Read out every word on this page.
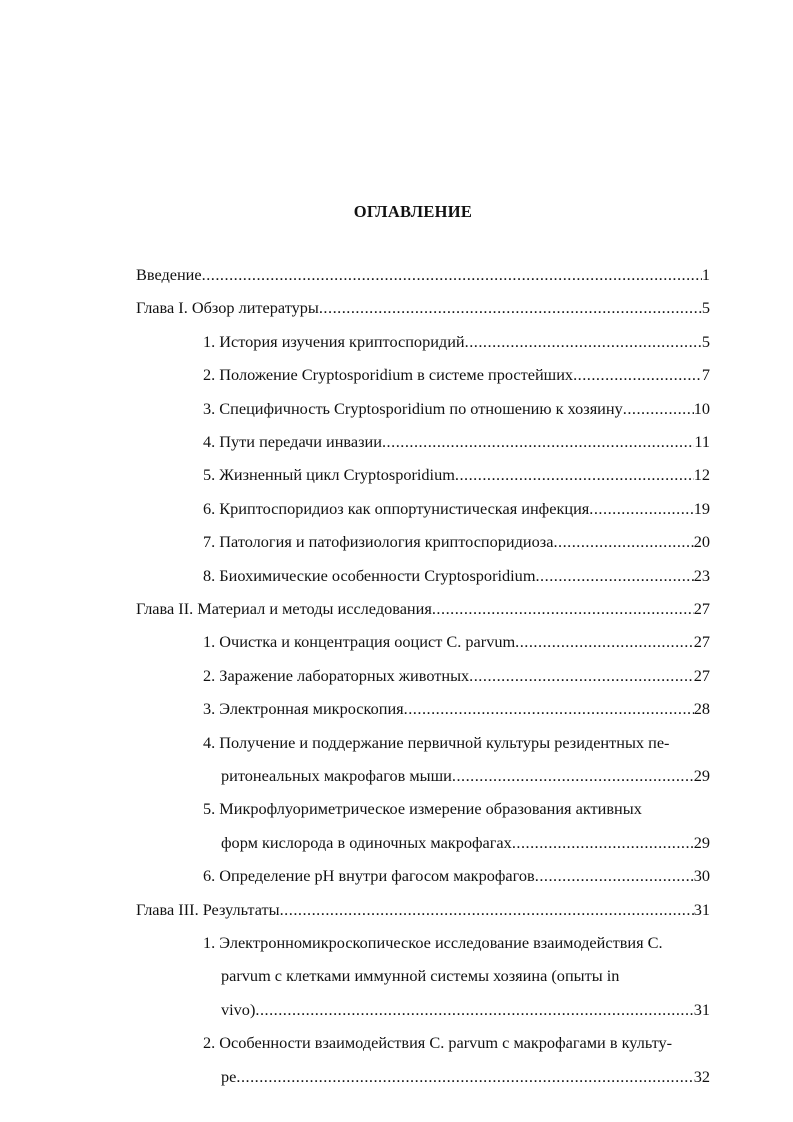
ОГЛАВЛЕНИЕ
Введение .....	1
Глава I. Обзор литературы .....	5
1. История изучения криптоспоридий .....	5
2. Положение Cryptosporidium в системе простейших .....	7
3. Специфичность Cryptosporidium по отношению к хозяину .....	10
4. Пути передачи инвазии .....	11
5. Жизненный цикл Cryptosporidium .....	12
6. Криптоспоридиоз как оппортунистическая инфекция .....	19
7. Патология и патофизиология криптоспоридиоза .....	20
8. Биохимические особенности Cryptosporidium .....	23
Глава II. Материал и методы исследования .....	27
1. Очистка и концентрация ооцист C. parvum .....	27
2. Заражение лабораторных животных .....	27
3. Электронная микроскопия .....	28
4. Получение и поддержание первичной культуры резидентных пе-
ритонеальных макрофагов мыши .....	29
5. Микрофлуориметрическое измерение образования активных
форм кислорода в одиночных макрофагах .....	29
6. Определение pH внутри фагосом макрофагов .....	30
Глава III. Результаты .....	31
1. Электронномикроскопическое исследование взаимодействия С.
parvum с клетками иммунной системы хозяина (опыты in
vivo) .....	31
2. Особенности взаимодействия C. parvum с макрофагами в культу-
ре .....	32
